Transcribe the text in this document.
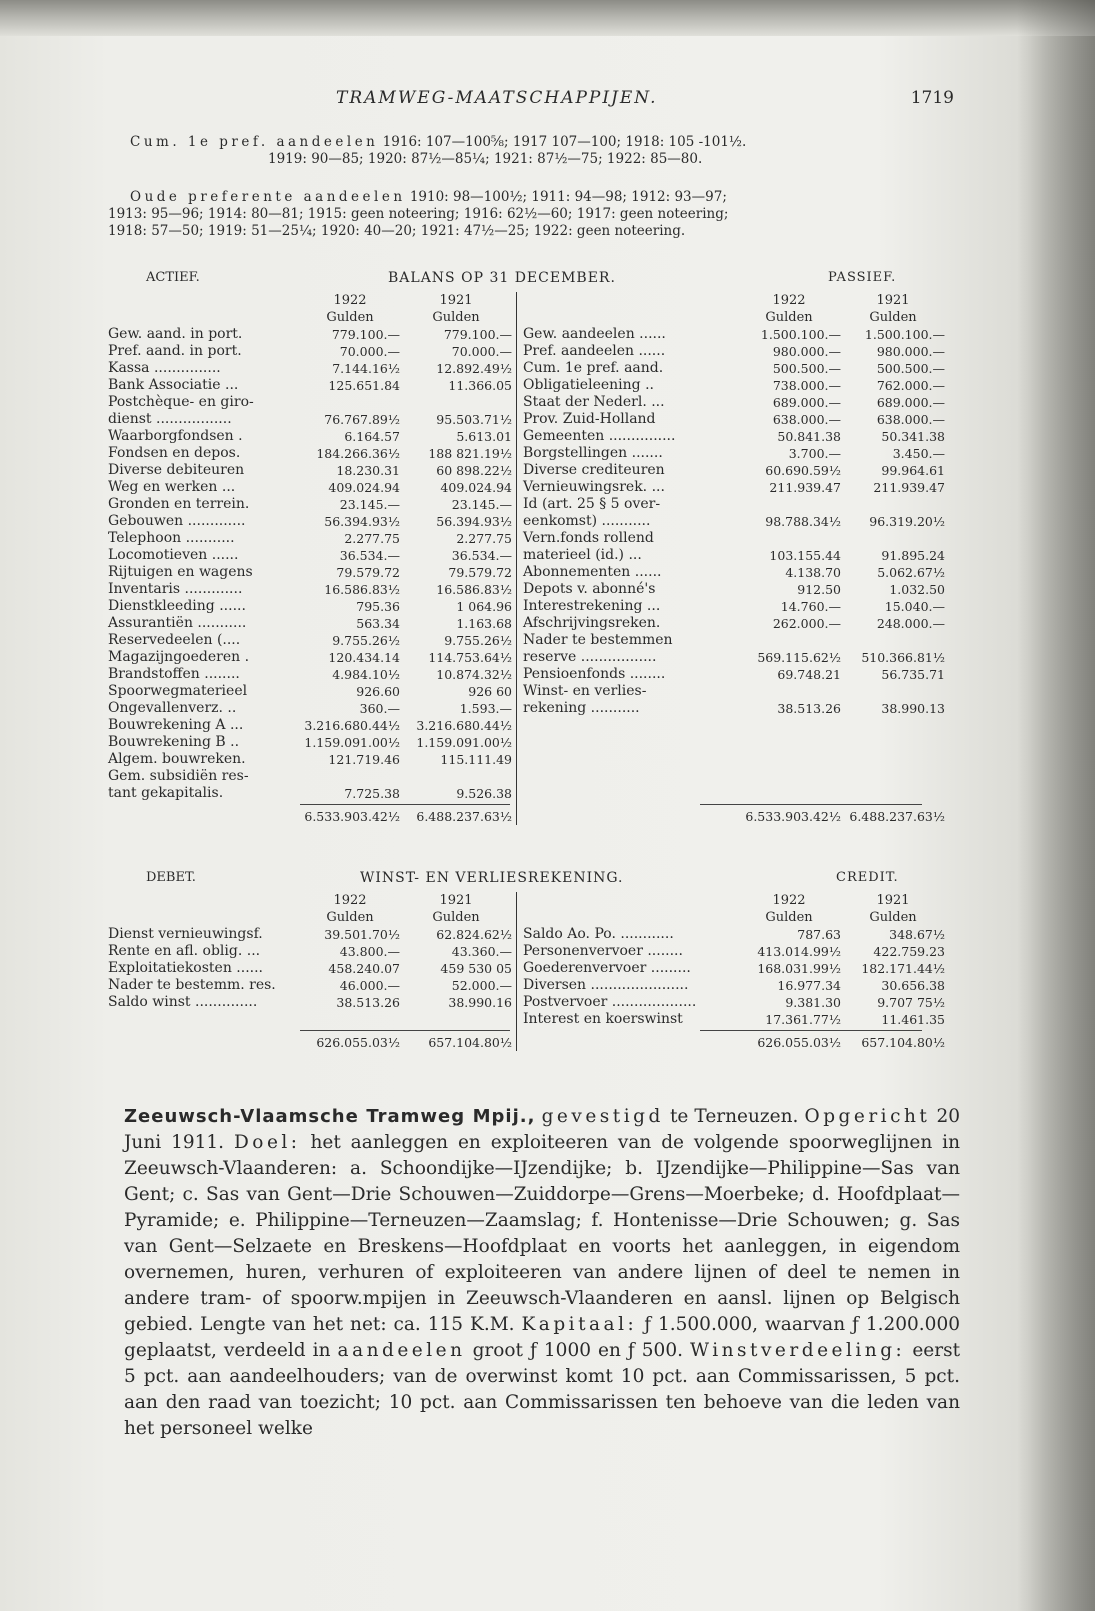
TRAMWEG-MAATSCHAPPIJEN.	1719

Cum. 1e pref. aandeelen 1916: 107—100⅝; 1917 107—100; 1918: 105 -101½.
1919: 90—85; 1920: 87½—85¼; 1921: 87½—75; 1922: 85—80.

Oude preferente aandeelen 1910: 98—100½; 1911: 94—98; 1912: 93—97;
1913: 95—96; 1914: 80—81; 1915: geen noteering; 1916: 62½—60; 1917: geen noteering;
1918: 57—50; 1919: 51—25¼; 1920: 40—20; 1921: 47½—25; 1922: geen noteering.

ACTIEF.	BALANS OP 31 DECEMBER.	PASSIEF.
	1922	1921		1922	1921
	Gulden	Gulden		Gulden	Gulden
Gew. aand. in port.	779.100.—	779.100.—	Gew. aandeelen ......	1.500.100.—	1.500.100.—
Pref. aand. in port.	70.000.—	70.000.—	Pref. aandeelen ......	980.000.—	980.000.—
Kassa ...............	7.144.16½	12.892.49½	Cum. 1e pref. aand.	500.500.—	500.500.—
Bank Associatie ...	125.651.84	11.366.05	Obligatieleening ..	738.000.—	762.000.—
Postchèque- en giro-			Staat der Nederl. ...	689.000.—	689.000.—
dienst .................	76.767.89½	95.503.71½	Prov. Zuid-Holland	638.000.—	638.000.—
Waarborgfondsen .	6.164.57	5.613.01	Gemeenten ...............	50.841.38	50.341.38
Fondsen en depos.	184.266.36½	188 821.19½	Borgstellingen .......	3.700.—	3.450.—
Diverse debiteuren	18.230.31	60 898.22½	Diverse crediteuren	60.690.59½	99.964.61
Weg en werken ...	409.024.94	409.024.94	Vernieuwingsrek. ...	211.939.47	211.939.47
Gronden en terrein.	23.145.—	23.145.—	Id (art. 25 § 5 over-		
Gebouwen .............	56.394.93½	56.394.93½	eenkomst) ...........	98.788.34½	96.319.20½
Telephoon ...........	2.277.75	2.277.75	Vern.fonds rollend		
Locomotieven ......	36.534.—	36.534.—	materieel (id.) ...	103.155.44	91.895.24
Rijtuigen en wagens	79.579.72	79.579.72	Abonnementen ......	4.138.70	5.062.67½
Inventaris .............	16.586.83½	16.586.83½	Depots v. abonné's	912.50	1.032.50
Dienstkleeding ......	795.36	1 064.96	Interestrekening ...	14.760.—	15.040.—
Assurantiën ...........	563.34	1.163.68	Afschrijvingsreken.	262.000.—	248.000.—
Reservedeelen (....	9.755.26½	9.755.26½	Nader te bestemmen		
Magazijngoederen .	120.434.14	114.753.64½	reserve .................	569.115.62½	510.366.81½
Brandstoffen ........	4.984.10½	10.874.32½	Pensioenfonds ........	69.748.21	56.735.71
Spoorwegmaterieel	926.60	926 60	Winst- en verlies-		
Ongevallenverz. ..	360.—	1.593.—	rekening ...........	38.513.26	38.990.13
Bouwrekening A ...	3.216.680.44½	3.216.680.44½			
Bouwrekening B ..	1.159.091.00½	1.159.091.00½			
Algem. bouwreken.	121.719.46	115.111.49			
Gem. subsidiën res-					
tant gekapitalis.	7.725.38	9.526.38			
	6.533.903.42½	6.488.237.63½		6.533.903.42½	6.488.237.63½
DEBET.	WINST- EN VERLIESREKENING.	CREDIT.
	1922	1921		1922	1921
	Gulden	Gulden		Gulden	Gulden
Dienst vernieuwingsf.	39.501.70½	62.824.62½	Saldo Ao. Po. ............	787.63	348.67½
Rente en afl. oblig. ...	43.800.—	43.360.—	Personenvervoer ........	413.014.99½	422.759.23
Exploitatiekosten ......	458.240.07	459 530 05	Goederenvervoer .........	168.031.99½	182.171.44½
Nader te bestemm. res.	46.000.—	52.000.—	Diversen ......................	16.977.34	30.656.38
Saldo winst ..............	38.513.26	38.990.16	Postvervoer ...................	9.381.30	9.707 75½
			Interest en koerswinst	17.361.77½	11.461.35
	626.055.03½	657.104.80½		626.055.03½	657.104.80½

Zeeuwsch-Vlaamsche Tramweg Mpij., gevestigd te Terneuzen. Opgericht 20 Juni 1911. Doel: het aanleggen en exploiteeren van de volgende spoorweglijnen in Zeeuwsch-Vlaanderen: a. Schoondijke—IJzendijke; b. IJzendijke—Philippine—Sas van Gent; c. Sas van Gent—Drie Schouwen—Zuiddorpe—Grens—Moerbeke; d. Hoofdplaat—Pyramide; e. Philippine—Terneuzen—Zaamslag; f. Hontenisse—Drie Schouwen; g. Sas van Gent—Selzaete en Breskens—Hoofdplaat en voorts het aanleggen, in eigendom overnemen, huren, verhuren of exploiteeren van andere lijnen of deel te nemen in andere tram- of spoorw.mpijen in Zeeuwsch-Vlaanderen en aansl. lijnen op Belgisch gebied. Lengte van het net: ca. 115 K.M. Kapitaal: ƒ 1.500.000, waarvan ƒ 1.200.000 geplaatst, verdeeld in aandeelen groot ƒ 1000 en ƒ 500. Winstverdeeling: eerst 5 pct. aan aandeelhouders; van de overwinst komt 10 pct. aan Commissarissen, 5 pct. aan den raad van toezicht; 10 pct. aan Commissarissen ten behoeve van die leden van het personeel welke
